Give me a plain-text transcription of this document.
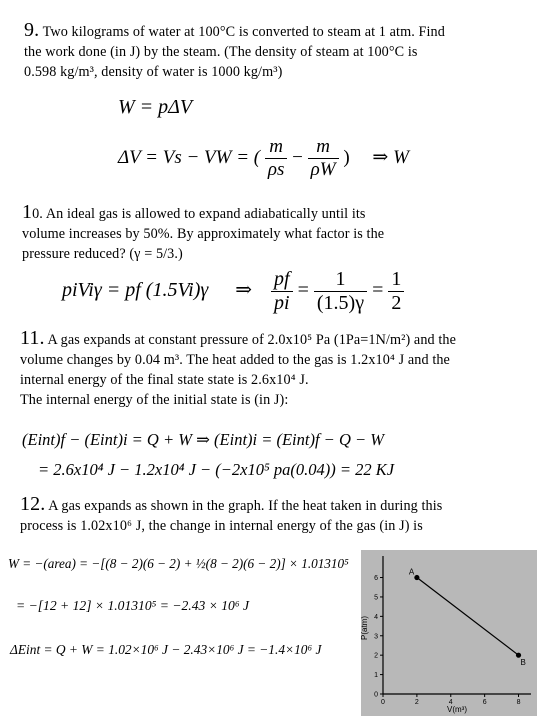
9. Two kilograms of water at 100°C is converted to steam at 1 atm. Find
the work done (in J) by the steam. (The density of steam at 100°C is
0.598 kg/m³, density of water is 1000 kg/m³)
W = pΔV
ΔV = Vs − VW = ( $\frac{m}{\rho s} - \frac{m}{\rho W}$ ) ⇒ W
10. An ideal gas is allowed to expand adiabatically until its
volume increases by 50%. By approximately what factor is the
pressure reduced? (γ = 5/3.)
piViγ = pf (1.5Vi)γ ⇒ $\frac{pf}{pi} = \frac{1}{(1.5)\gamma} = \frac{1}{2}$
11. A gas expands at constant pressure of 2.0x10⁵ Pa (1Pa=1N/m²) and the
volume changes by 0.04 m³. The heat added to the gas is 1.2x10⁴ J and the
internal energy of the final state state is 2.6x10⁴ J.
The internal energy of the initial state is (in J):
(Eint)f − (Eint)i = Q + W ⇒ (Eint)i = (Eint)f − Q − W
= 2.6x10⁴ J − 1.2x10⁴ J − (−2x10⁵ pa(0.04)) = 22 KJ
12. A gas expands as shown in the graph. If the heat taken in during this
process is 1.02x10⁶ J, the change in internal energy of the gas (in J) is
W = −(area) = −[(8 − 2)(6 − 2) + ½(8 − 2)(6 − 2)] × 1.01310⁵
= −[12 + 12] × 1.01310⁵ = −2.43 × 10⁶ J
ΔEint = Q + W = 1.02×10⁶ J − 2.43×10⁶ J = −1.4×10⁶ J
6
5
4
3
2
1
0
0	2	4	6	8
P(atm)
V(m³)
A
B
